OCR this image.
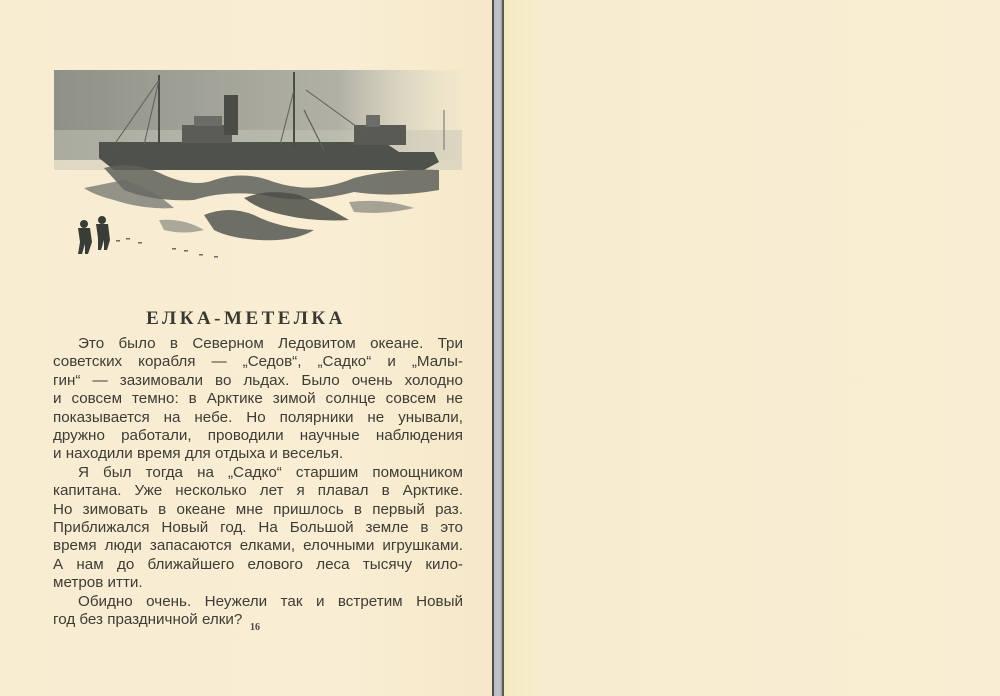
ЕЛКА-МЕТЕЛКА
Это было в Северном Ледовитом океане. Три
советских корабля — „Седов“, „Садко“ и „Малы-
гин“ — зазимовали во льдах. Было очень холодно
и совсем темно: в Арктике зимой солнце совсем не
показывается на небе. Но полярники не унывали,
дружно работали, проводили научные наблюдения
и находили время для отдыха и веселья.
Я был тогда на „Садко“ старшим помощником
капитана. Уже несколько лет я плавал в Арктике.
Но зимовать в океане мне пришлось в первый раз.
Приближался Новый год. На Большой земле в это
время люди запасаются елками, елочными игрушками.
А нам до ближайшего елового леса тысячу кило-
метров итти.
Обидно очень. Неужели так и встретим Новый
год без праздничной елки? 16
